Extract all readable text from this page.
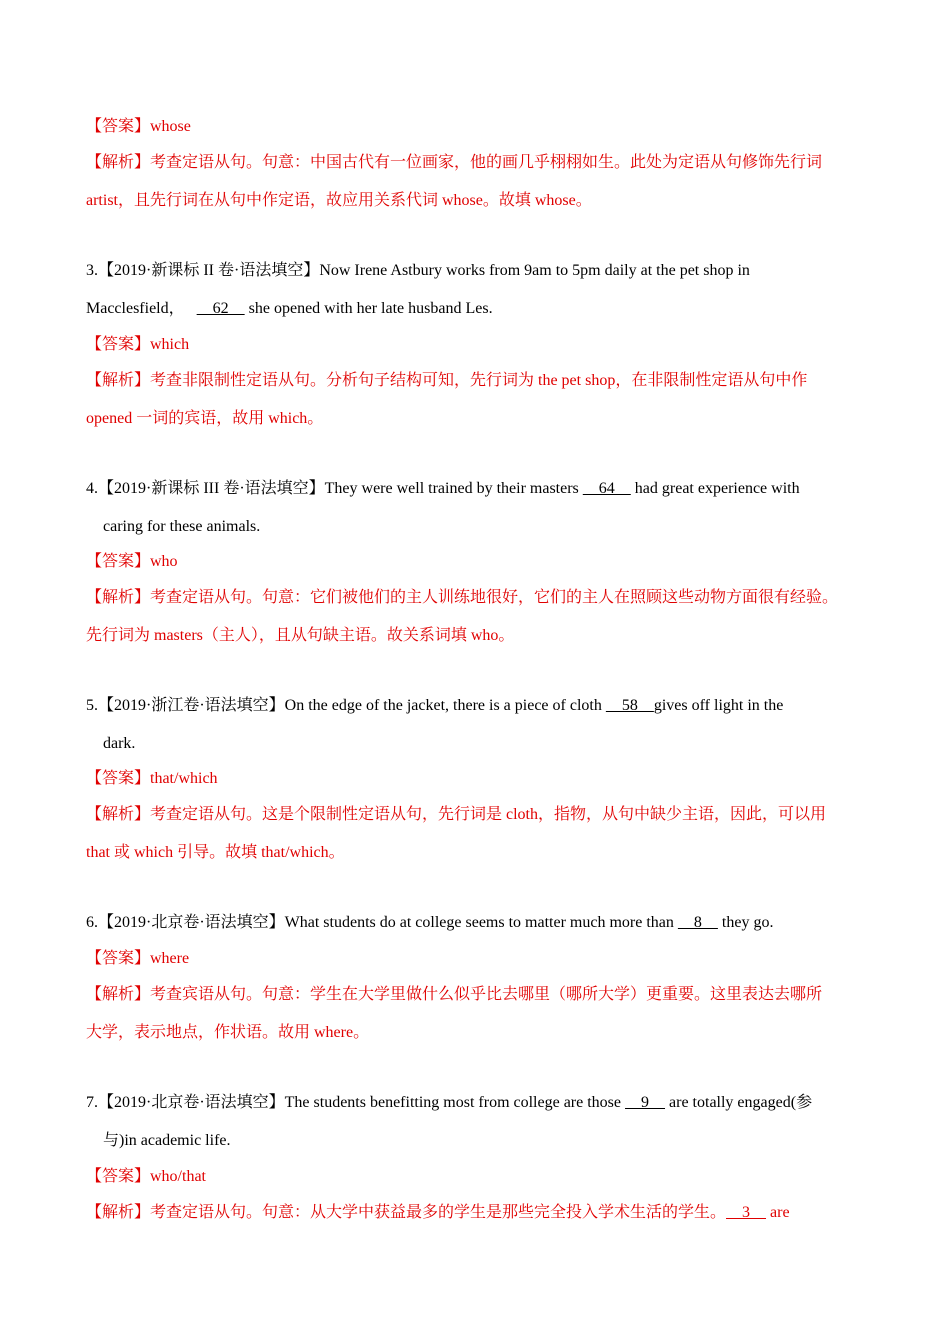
【答案】whose
【解析】考查定语从句。句意：中国古代有一位画家，他的画几乎栩栩如生。此处为定语从句修饰先行词
artist，且先行词在从句中作定语，故应用关系代词 whose。故填 whose。
3.【2019·新课标 II 卷·语法填空】Now Irene Astbury works from 9am to 5pm daily at the pet shop in
Macclesfield，    62     she opened with her late husband Les.
【答案】which
【解析】考查非限制性定语从句。分析句子结构可知，先行词为 the pet shop，在非限制性定语从句中作
opened 一词的宾语，故用 which。
4.【2019·新课标 III 卷·语法填空】They were well trained by their masters     64     had great experience with
caring for these animals.
【答案】who
【解析】考查定语从句。句意：它们被他们的主人训练地很好，它们的主人在照顾这些动物方面很有经验。
先行词为 masters（主人），且从句缺主语。故关系词填 who。
5.【2019·浙江卷·语法填空】On the edge of the jacket, there is a piece of cloth     58    gives off light in the
dark.
【答案】that/which
【解析】考查定语从句。这是个限制性定语从句，先行词是 cloth，指物，从句中缺少主语，因此，可以用
that 或 which 引导。故填 that/which。
6.【2019·北京卷·语法填空】What students do at college seems to matter much more than     8     they go.
【答案】where
【解析】考查宾语从句。句意：学生在大学里做什么似乎比去哪里（哪所大学）更重要。这里表达去哪所
大学，表示地点，作状语。故用 where。
7.【2019·北京卷·语法填空】The students benefitting most from college are those     9     are totally engaged(参
与)in academic life.
【答案】who/that
【解析】考查定语从句。句意：从大学中获益最多的学生是那些完全投入学术生活的学生。    3     are
